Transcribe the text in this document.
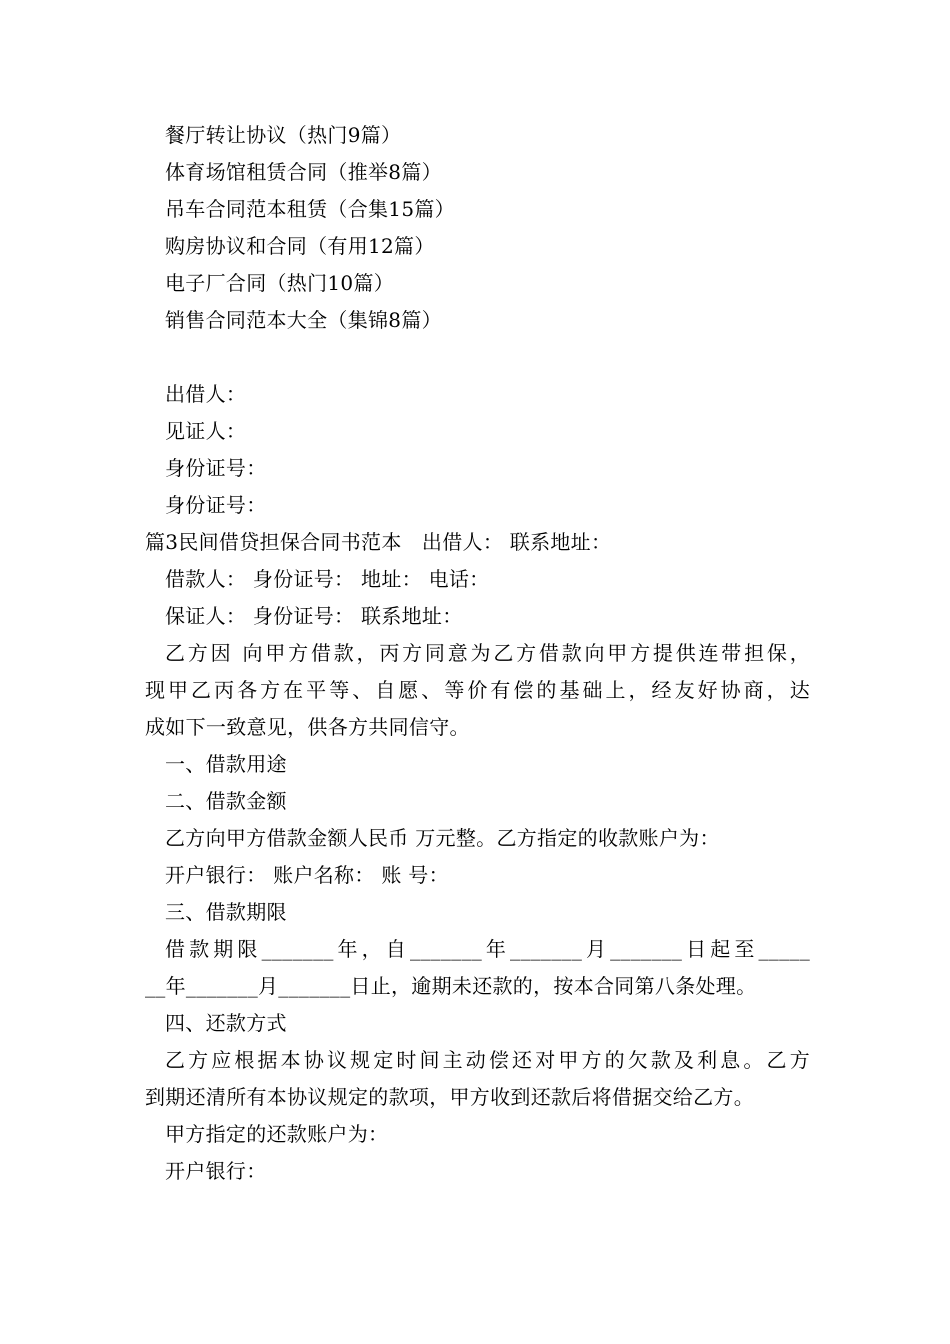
餐厅转让协议（热门9篇）
体育场馆租赁合同（推举8篇）
吊车合同范本租赁（合集15篇）
购房协议和合同（有用12篇）
电子厂合同（热门10篇）
销售合同范本大全（集锦8篇）
出借人：
见证人：
身份证号：
身份证号：
篇3民间借贷担保合同书范本　出借人： 联系地址：
借款人： 身份证号： 地址： 电话：
保证人： 身份证号： 联系地址：
乙方因 向甲方借款，丙方同意为乙方借款向甲方提供连带担保，
现甲乙丙各方在平等、自愿、等价有偿的基础上，经友好协商，达
成如下一致意见，供各方共同信守。
一、借款用途
二、借款金额
乙方向甲方借款金额人民币 万元整。乙方指定的收款账户为：
开户银行： 账户名称： 账 号：
三、借款期限
借款期限_______年，自_______年_______月_______日起至_____
__年_______月_______日止，逾期未还款的，按本合同第八条处理。
四、还款方式
乙方应根据本协议规定时间主动偿还对甲方的欠款及利息。乙方
到期还清所有本协议规定的款项，甲方收到还款后将借据交给乙方。
甲方指定的还款账户为：
开户银行：
